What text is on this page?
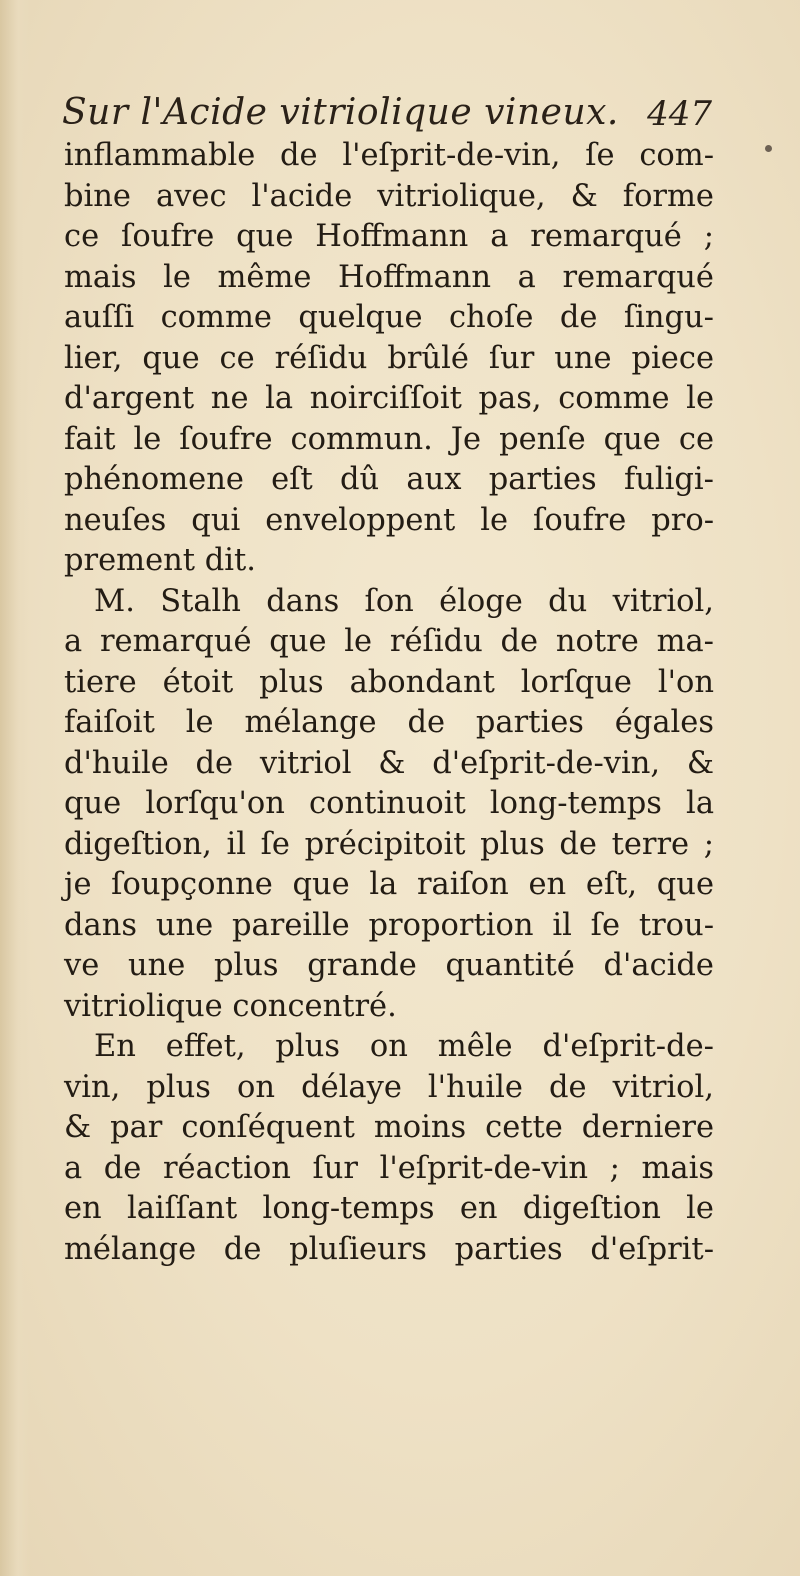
Sur l'Acide vitriolique vineux. 447
inflammable de l'eſprit-de-vin, ſe com-
bine avec l'acide vitriolique, & forme
ce ſoufre que Hoffmann a remarqué ;
mais le même Hoffmann a remarqué
auſſi comme quelque choſe de ſingu-
lier, que ce réſidu brûlé ſur une piece
d'argent ne la noirciſſoit pas, comme le
fait le ſoufre commun. Je penſe que ce
phénomene eſt dû aux parties fuligi-
neuſes qui enveloppent le ſoufre pro-
prement dit.
M. Stalh dans ſon éloge du vitriol,
a remarqué que le réſidu de notre ma-
tiere étoit plus abondant lorſque l'on
faiſoit le mélange de parties égales
d'huile de vitriol & d'eſprit-de-vin, &
que lorſqu'on continuoit long-temps la
digeſtion, il ſe précipitoit plus de terre ;
je ſoupçonne que la raiſon en eſt, que
dans une pareille proportion il ſe trou-
ve une plus grande quantité d'acide
vitriolique concentré.
En effet, plus on mêle d'eſprit-de-
vin, plus on délaye l'huile de vitriol,
& par conſéquent moins cette derniere
a de réaction ſur l'eſprit-de-vin ; mais
en laiſſant long-temps en digeſtion le
mélange de pluſieurs parties d'eſprit-
